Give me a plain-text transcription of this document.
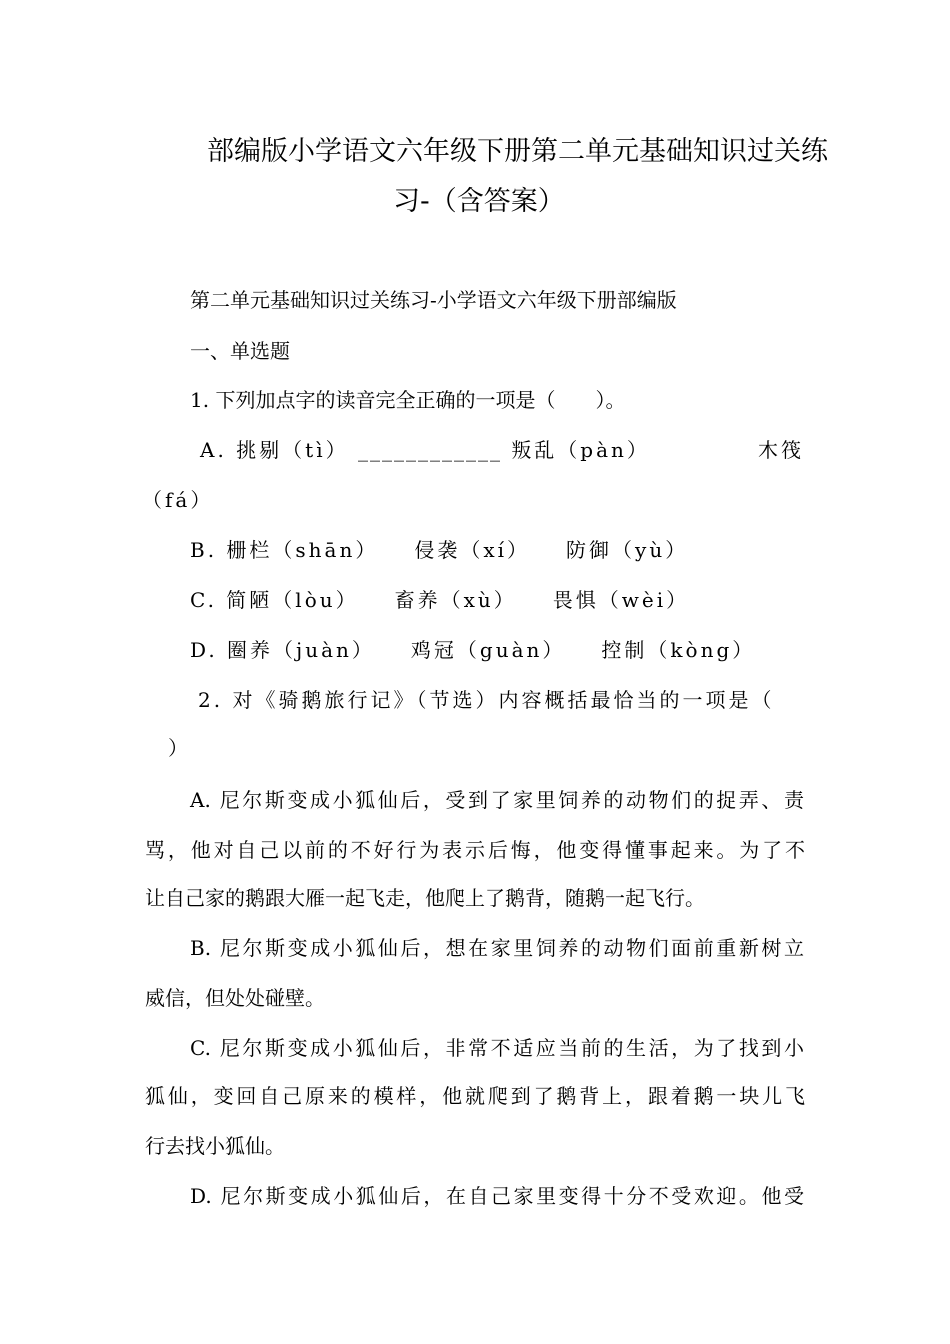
部编版小学语文六年级下册第二单元基础知识过关练
习-（含答案）
第二单元基础知识过关练习-小学语文六年级下册部编版
一、单选题
1. 下列加点字的读音完全正确的一项是（　　）。
A. 挑剔（tì） ____________ 叛乱（pàn）	木筏
（fá）
B. 栅栏（shān）　　侵袭（xí）　　防御（yù）
C. 简陋（lòu）　　畜养（xù）　　畏惧（wèi）
D. 圈养（juàn）　　鸡冠（guàn）　　控制（kòng）
2. 对《骑鹅旅行记》（节选）内容概括最恰当的一项是（
）
A. 尼尔斯变成小狐仙后，受到了家里饲养的动物们的捉弄、责
骂，他对自己以前的不好行为表示后悔，他变得懂事起来。为了不
让自己家的鹅跟大雁一起飞走，他爬上了鹅背，随鹅一起飞行。
B. 尼尔斯变成小狐仙后，想在家里饲养的动物们面前重新树立
威信，但处处碰壁。
C. 尼尔斯变成小狐仙后，非常不适应当前的生活，为了找到小
狐仙，变回自己原来的模样，他就爬到了鹅背上，跟着鹅一块儿飞
行去找小狐仙。
D. 尼尔斯变成小狐仙后，在自己家里变得十分不受欢迎。他受
